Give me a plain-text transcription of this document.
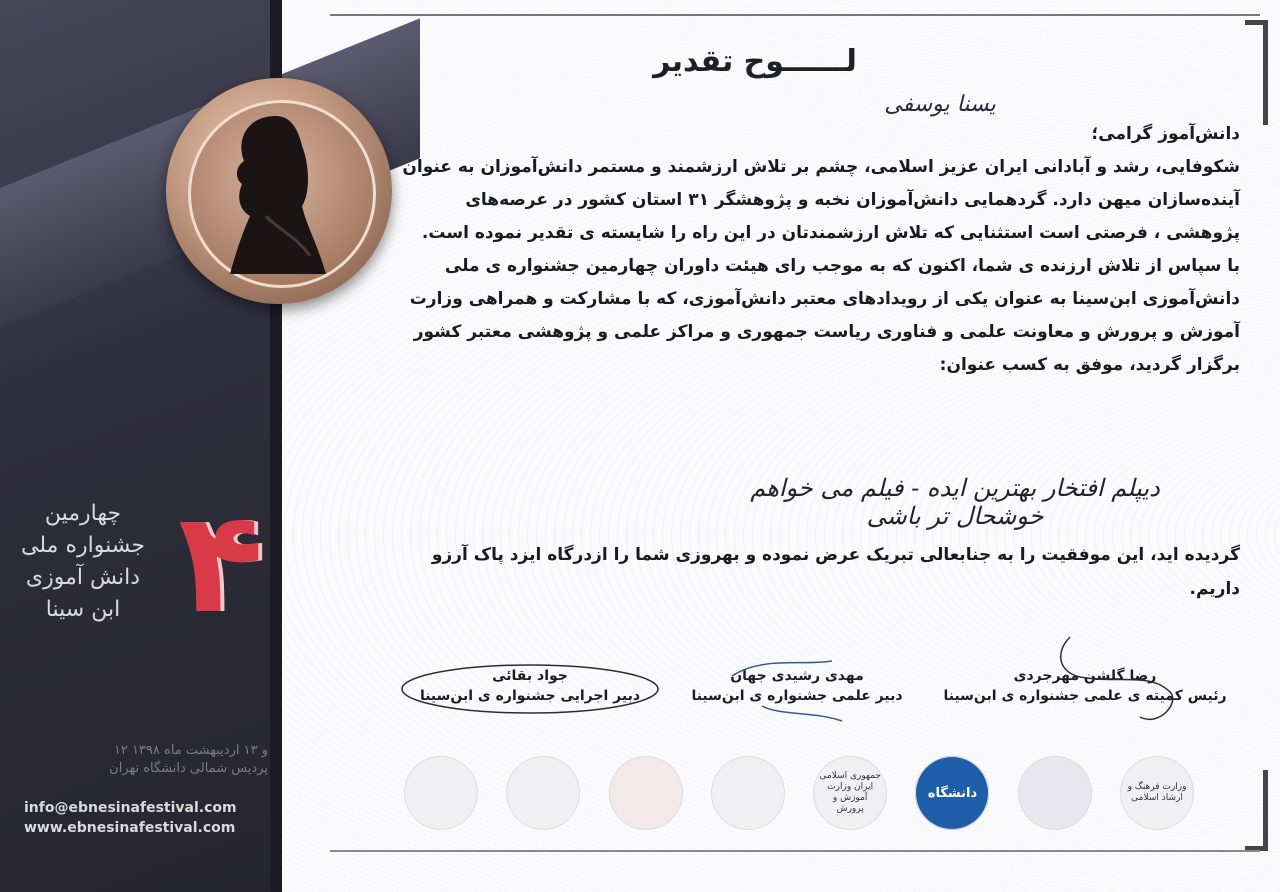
۴
چهارمین
جشنواره ملی
دانش آموزی
ابن سینا
۱۲ و ۱۳ اردیبهشت ماه ۱۳۹۸
پردیس شمالی دانشگاه تهران
info@ebnesinafestival.com
www.ebnesinafestival.com
لــــــوح تقدیر
یسنا یوسفی

دانش‌آموز گرامی؛

شکوفایی، رشد و آبادانی ایران عزیز اسلامی، چشم بر تلاش ارزشمند و مستمر دانش‌آموزان به عنوان آینده‌سازان میهن دارد. گردهمایی دانش‌آموزان نخبه و پژوهشگر ۳۱ استان کشور در عرصه‌های پژوهشی ، فرصتی است استثنایی که تلاش ارزشمندتان در این راه را شایسته ی تقدیر نموده است.

با سپاس از تلاش ارزنده ی شما، اکنون که به موجب رای هیئت داوران چهارمین جشنواره ی ملی دانش‌آموزی ابن‌سینا به عنوان یکی از رویدادهای معتبر دانش‌آموزی، که با مشارکت و همراهی وزارت آموزش و پرورش و معاونت علمی و فناوری ریاست جمهوری و مراکز علمی و پژوهشی معتبر کشور برگزار گردید، موفق به کسب عنوان:

دیپلم افتخار بهترین ایده - فیلم می خواهم خوشحال تر باشی
گردیده اید، این موفقیت را به جنابعالی تبریک عرض نموده و بهروزی شما را ازدرگاه ایزد پاک آرزو داریم.
رضا گلشن مهرجردی
رئیس کمیته ی علمی جشنواره ی ابن‌سینا
مهدی رشیدی جهان
دبیر علمی جشنواره ی ابن‌سینا
جواد بقائی
دبیر اجرایی جشنواره ی ابن‌سینا
وزارت فرهنگ و ارشاد اسلامی
دانشگاه
جمهوری اسلامی ایران وزارت آموزش و پرورش
